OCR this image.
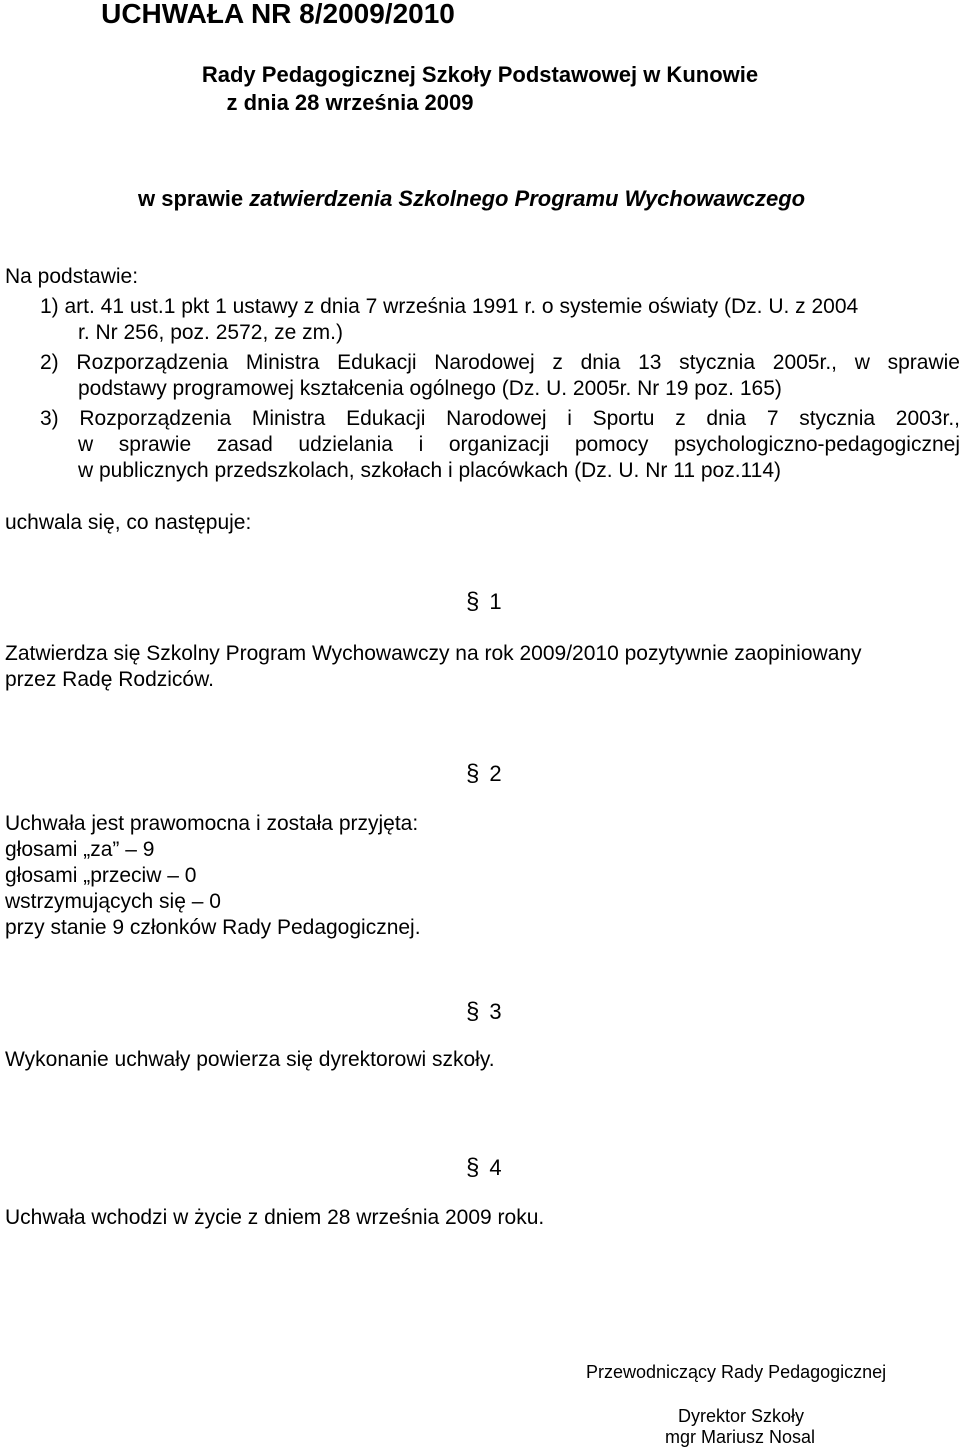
UCHWAŁA NR 8/2009/2010
Rady Pedagogicznej Szkoły Podstawowej w Kunowie
z dnia 28 września 2009
w sprawie zatwierdzenia Szkolnego Programu Wychowawczego
Na podstawie:
1) art. 41 ust.1 pkt 1 ustawy z dnia 7 września 1991 r. o systemie oświaty (Dz. U. z 2004
r. Nr 256, poz. 2572, ze zm.)
2) Rozporządzenia Ministra Edukacji Narodowej z dnia 13 stycznia 2005r., w sprawie
podstawy programowej kształcenia ogólnego (Dz. U. 2005r. Nr 19 poz. 165)
3) Rozporządzenia Ministra Edukacji Narodowej i Sportu z dnia 7 stycznia 2003r.,
w sprawie zasad udzielania i organizacji pomocy psychologiczno-pedagogicznej
w publicznych przedszkolach, szkołach i placówkach (Dz. U. Nr 11 poz.114)
uchwala się, co następuje:
§ 1
Zatwierdza się Szkolny Program Wychowawczy na rok 2009/2010 pozytywnie zaopiniowany
przez Radę Rodziców.
§ 2
Uchwała jest prawomocna i została przyjęta:
głosami „za” – 9
głosami „przeciw – 0
wstrzymujących się – 0
przy stanie 9 członków Rady Pedagogicznej.
§ 3
Wykonanie uchwały powierza się dyrektorowi szkoły.
§ 4
Uchwała wchodzi w życie z dniem 28 września 2009 roku.
Przewodniczący Rady Pedagogicznej
Dyrektor Szkoły
mgr Mariusz Nosal
